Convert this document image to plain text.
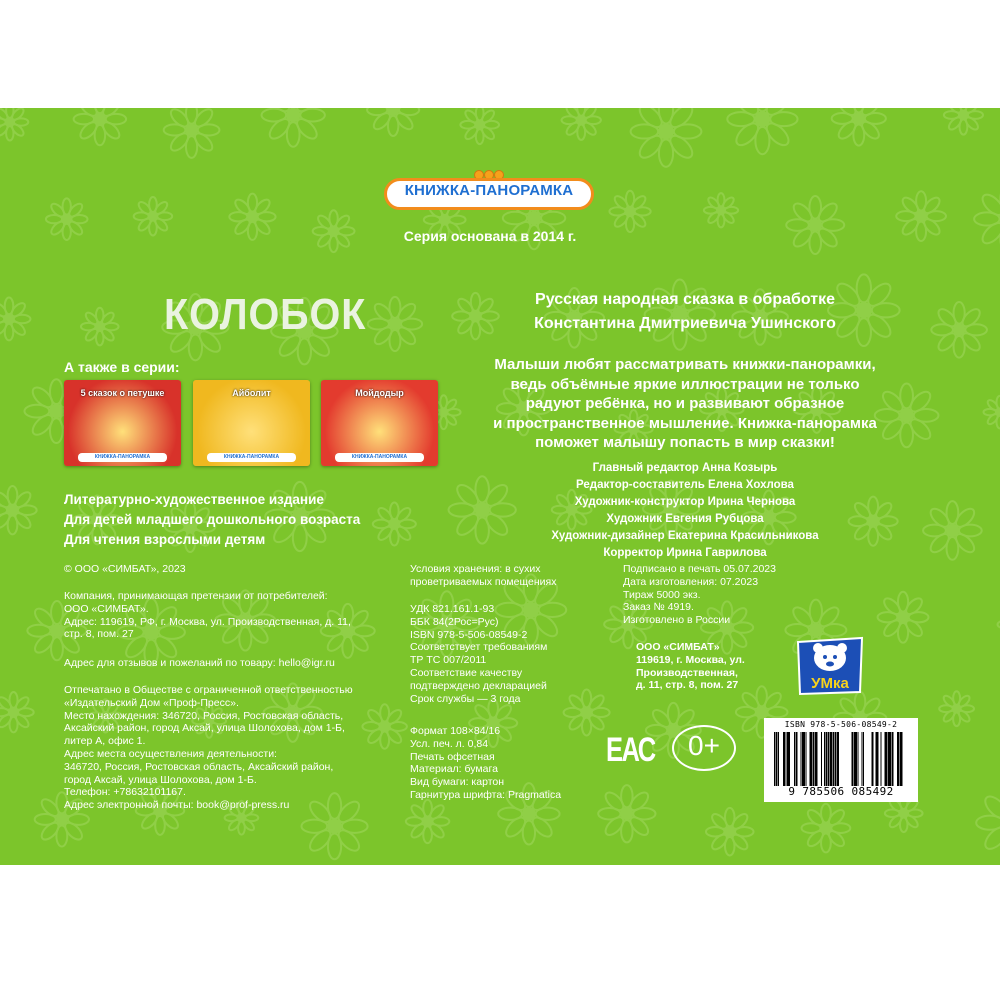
КНИЖКА-ПАНОРАМКА
Серия основана в 2014 г.
КОЛОБОК	Русская народная сказка в обработке
Константина Дмитриевича Ушинского
Малыши любят рассматривать книжки-панорамки,
ведь объёмные яркие иллюстрации не только
радуют ребёнка, но и развивают образное
и пространственное мышление. Книжка-панорамка
поможет малышу попасть в мир сказки!
Главный редактор Анна Козырь
Редактор-составитель Елена Хохлова
Художник-конструктор Ирина Чернова
Художник Евгения Рубцова
Художник-дизайнер Екатерина Красильникова
Корректор Ирина Гаврилова
А также в серии:
5 сказок о петушке
КНИЖКА-ПАНОРАМКА
Айболит
КНИЖКА-ПАНОРАМКА
Мойдодыр
КНИЖКА-ПАНОРАМКА
Литературно-художественное издание
Для детей младшего дошкольного возраста
Для чтения взрослыми детям
© ООО «СИМБАТ», 2023
Компания, принимающая претензии от потребителей:
ООО «СИМБАТ».
Адрес: 119619, РФ, г. Москва, ул. Производственная, д. 11,
стр. 8, пом. 27
Адрес для отзывов и пожеланий по товару: hello@igr.ru
Отпечатано в Обществе с ограниченной ответственностью
«Издательский Дом «Проф-Пресс».
Место нахождения: 346720, Россия, Ростовская область,
Аксайский район, город Аксай, улица Шолохова, дом 1-Б,
литер А, офис 1.
Адрес места осуществления деятельности:
346720, Россия, Ростовская область, Аксайский район,
город Аксай, улица Шолохова, дом 1-Б.
Телефон: +78632101167.
Адрес электронной почты: book@prof-press.ru
Условия хранения: в сухих
проветриваемых помещениях
УДК 821.161.1-93
ББК 84(2Рос=Рус)
ISBN 978-5-506-08549-2
Соответствует требованиям
ТР ТС 007/2011
Соответствие качеству
подтверждено декларацией
Срок службы — 3 года
Формат 108×84/16
Усл. печ. л. 0,84
Печать офсетная
Материал: бумага
Вид бумаги: картон
Гарнитура шрифта: Pragmatica
Подписано в печать 05.07.2023
Дата изготовления: 07.2023
Тираж 5000 экз.
Заказ № 4919.
Изготовлено в России
ООО «СИМБАТ»
119619, г. Москва, ул.
Производственная,
д. 11, стр. 8, пом. 27	УМка
ЕАС	0+
ISBN 978-5-506-08549-2
9 785506 085492
